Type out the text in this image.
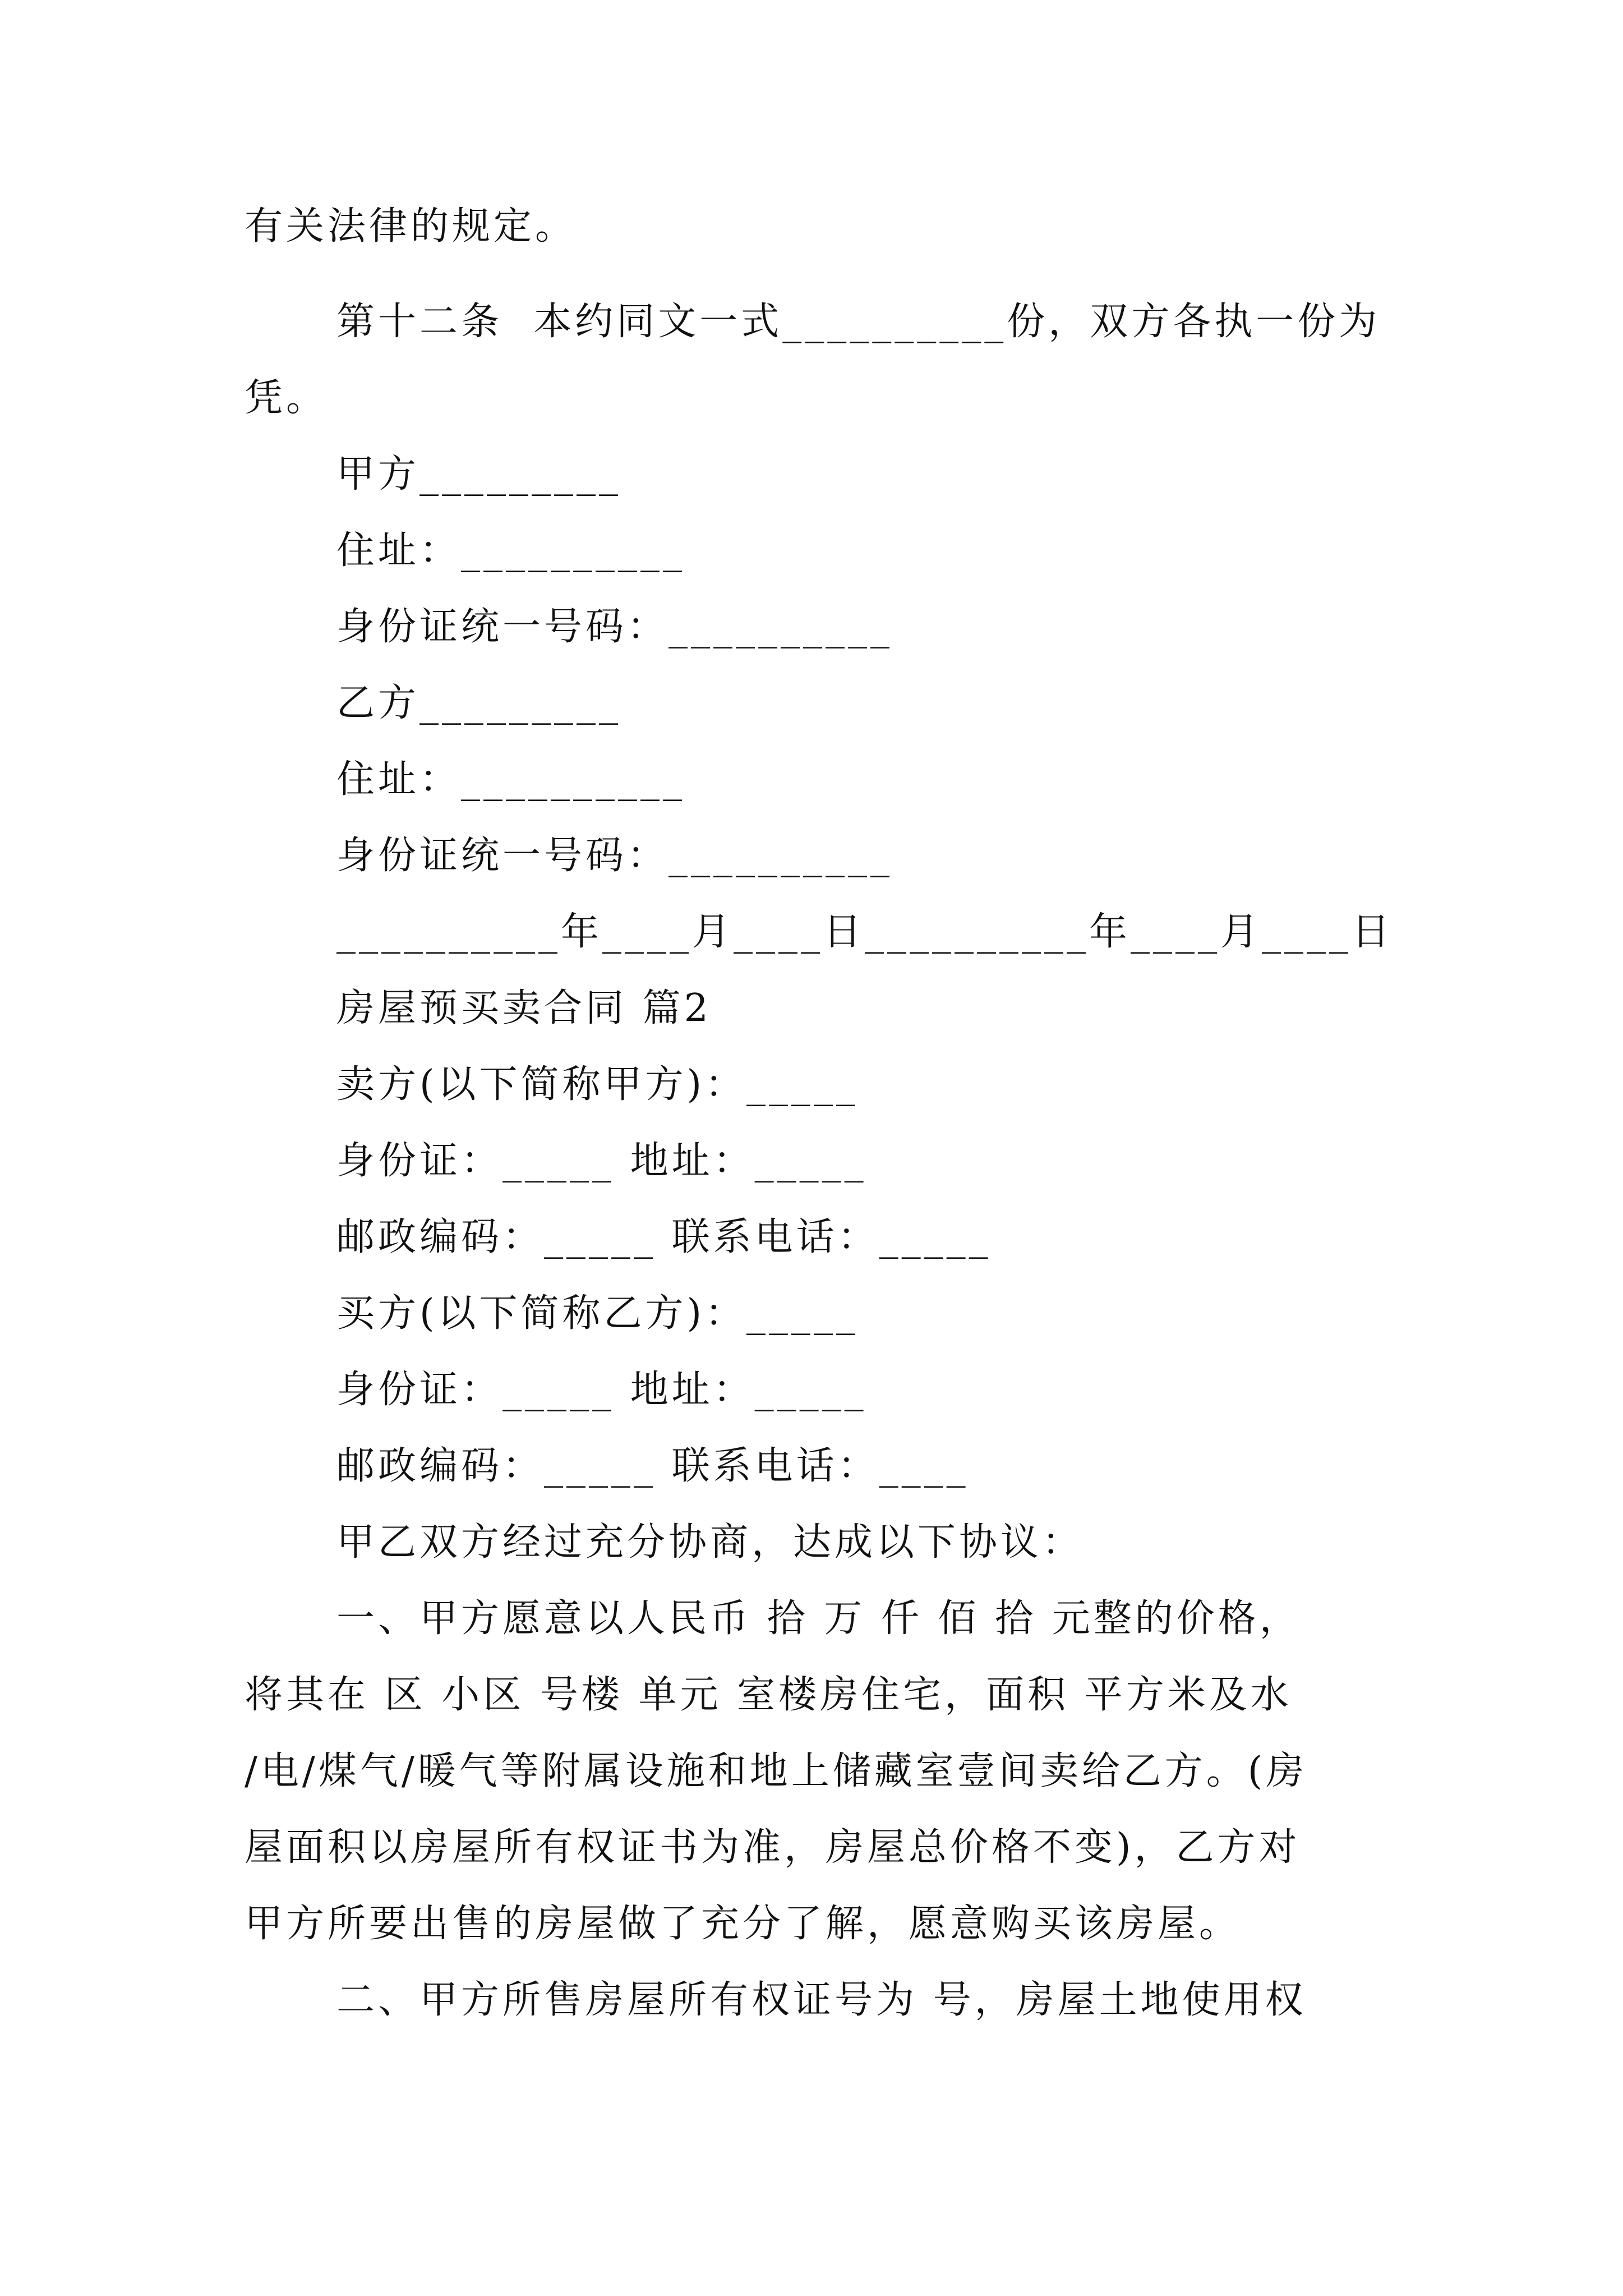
有关法律的规定。
第十二条  本约同文一式__________份，双方各执一份为
凭。
甲方_________
住址：__________
身份证统一号码：__________
乙方_________
住址：__________
身份证统一号码：__________
__________年____月____日__________年____月____日
房屋预买卖合同 篇2
卖方(以下简称甲方)：_____
身份证：_____ 地址：_____
邮政编码：_____ 联系电话：_____
买方(以下简称乙方)：_____
身份证：_____ 地址：_____
邮政编码：_____ 联系电话：____
甲乙双方经过充分协商，达成以下协议：
一、甲方愿意以人民币 拾 万 仟 佰 拾 元整的价格，
将其在 区 小区 号楼 单元 室楼房住宅，面积 平方米及水
/电/煤气/暖气等附属设施和地上储藏室壹间卖给乙方。(房
屋面积以房屋所有权证书为准，房屋总价格不变)，乙方对
甲方所要出售的房屋做了充分了解，愿意购买该房屋。
二、甲方所售房屋所有权证号为 号，房屋土地使用权
